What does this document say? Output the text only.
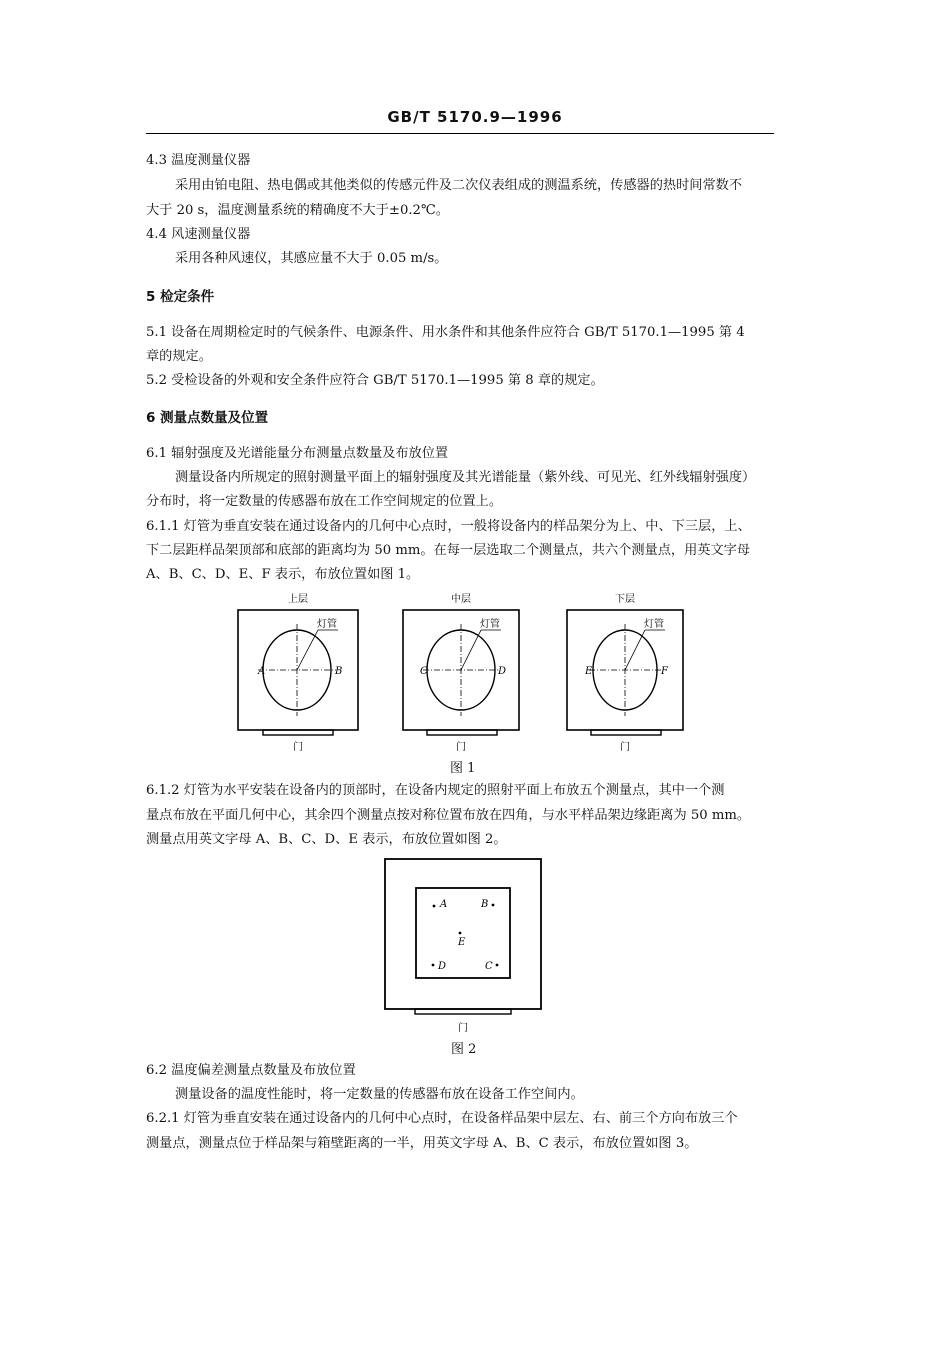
GB/T 5170.9—1996
4.3 温度测量仪器
采用由铂电阻、热电偶或其他类似的传感元件及二次仪表组成的测温系统，传感器的热时间常数不
大于 20 s，温度测量系统的精确度不大于±0.2℃。
4.4 风速测量仪器
采用各种风速仪，其感应量不大于 0.05 m/s。
5 检定条件
5.1 设备在周期检定时的气候条件、电源条件、用水条件和其他条件应符合 GB/T 5170.1—1995 第 4
章的规定。
5.2 受检设备的外观和安全条件应符合 GB/T 5170.1—1995 第 8 章的规定。
6 测量点数量及位置
6.1 辐射强度及光谱能量分布测量点数量及布放位置
测量设备内所规定的照射测量平面上的辐射强度及其光谱能量（紫外线、可见光、红外线辐射强度）
分布时，将一定数量的传感器布放在工作空间规定的位置上。
6.1.1 灯管为垂直安装在通过设备内的几何中心点时，一般将设备内的样品架分为上、中、下三层，上、
下二层距样品架顶部和底部的距离均为 50 mm。在每一层选取二个测量点，共六个测量点，用英文字母
A、B、C、D、E、F 表示，布放位置如图 1。
上层
灯管
A	B
门
中层
灯管
C	D
门
下层
灯管
E	F
门
图 1
6.1.2 灯管为水平安装在设备内的顶部时，在设备内规定的照射平面上布放五个测量点，其中一个测
量点布放在平面几何中心，其余四个测量点按对称位置布放在四角，与水平样品架边缘距离为 50 mm。
测量点用英文字母 A、B、C、D、E 表示，布放位置如图 2。
A	B
E
D	C
门
图 2
6.2 温度偏差测量点数量及布放位置
测量设备的温度性能时，将一定数量的传感器布放在设备工作空间内。
6.2.1 灯管为垂直安装在通过设备内的几何中心点时，在设备样品架中层左、右、前三个方向布放三个
测量点，测量点位于样品架与箱壁距离的一半，用英文字母 A、B、C 表示，布放位置如图 3。
